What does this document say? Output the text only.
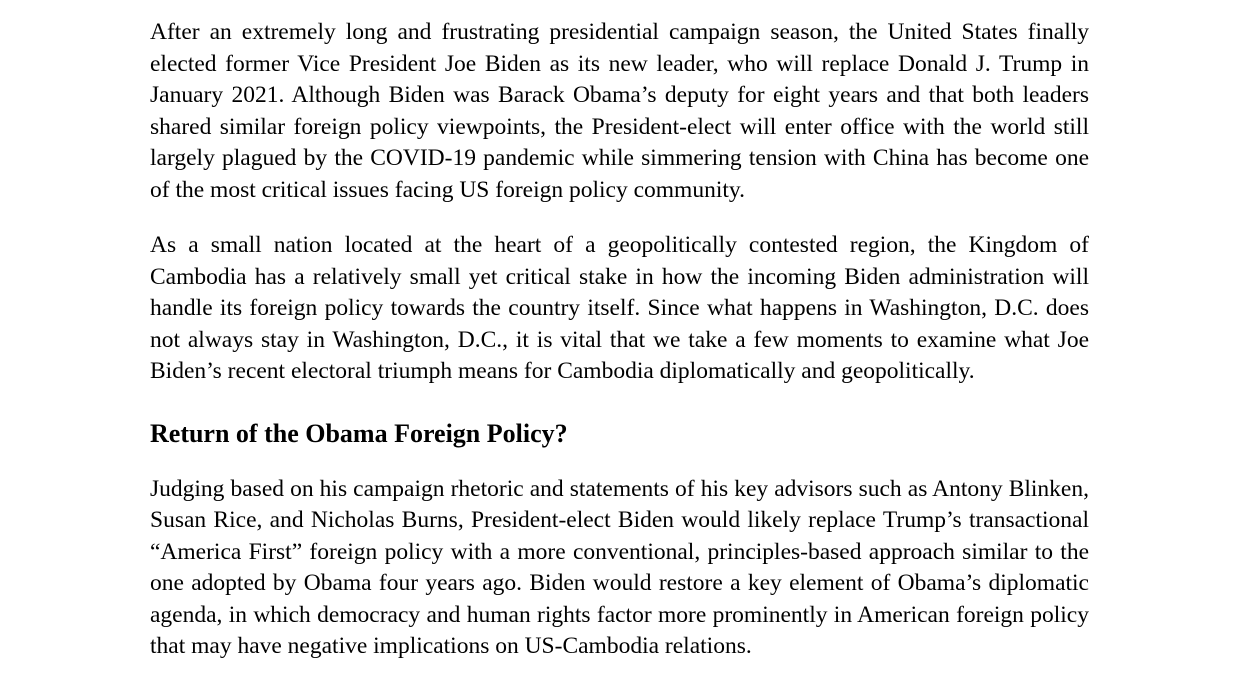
After an extremely long and frustrating presidential campaign season, the United States finally elected former Vice President Joe Biden as its new leader, who will replace Donald J. Trump in January 2021. Although Biden was Barack Obama’s deputy for eight years and that both leaders shared similar foreign policy viewpoints, the President-elect will enter office with the world still largely plagued by the COVID-19 pandemic while simmering tension with China has become one of the most critical issues facing US foreign policy community.

As a small nation located at the heart of a geopolitically contested region, the Kingdom of Cambodia has a relatively small yet critical stake in how the incoming Biden administration will handle its foreign policy towards the country itself. Since what happens in Washington, D.C. does not always stay in Washington, D.C., it is vital that we take a few moments to examine what Joe Biden’s recent electoral triumph means for Cambodia diplomatically and geopolitically.

Return of the Obama Foreign Policy?

Judging based on his campaign rhetoric and statements of his key advisors such as Antony Blinken, Susan Rice, and Nicholas Burns, President-elect Biden would likely replace Trump’s transactional “America First” foreign policy with a more conventional, principles-based approach similar to the one adopted by Obama four years ago. Biden would restore a key element of Obama’s diplomatic agenda, in which democracy and human rights factor more prominently in American foreign policy that may have negative implications on US-Cambodia relations.
